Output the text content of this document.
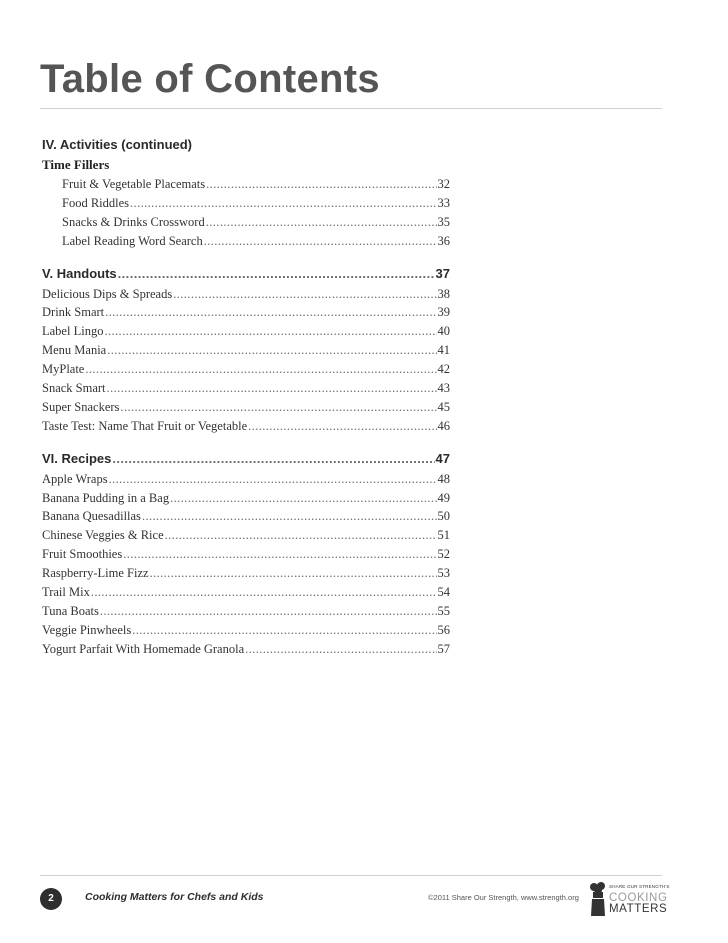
Table of Contents
IV. Activities (continued)
Time Fillers
Fruit & Vegetable Placemats .....	32
Food Riddles .....	33
Snacks & Drinks Crossword .....	35
Label Reading Word Search .....	36
V. Handouts .....	37
Delicious Dips & Spreads .....	38
Drink Smart .....	39
Label Lingo .....	40
Menu Mania .....	41
MyPlate .....	42
Snack Smart .....	43
Super Snackers .....	45
Taste Test: Name That Fruit or Vegetable .....	46
VI. Recipes .....	47
Apple Wraps .....	48
Banana Pudding in a Bag .....	49
Banana Quesadillas .....	50
Chinese Veggies & Rice .....	51
Fruit Smoothies .....	52
Raspberry-Lime Fizz .....	53
Trail Mix .....	54
Tuna Boats .....	55
Veggie Pinwheels .....	56
Yogurt Parfait With Homemade Granola .....	57
2	Cooking Matters for Chefs and Kids	©2011 Share Our Strength, www.strength.org
SHARE OUR STRENGTH'S
COOKING
MATTERS
